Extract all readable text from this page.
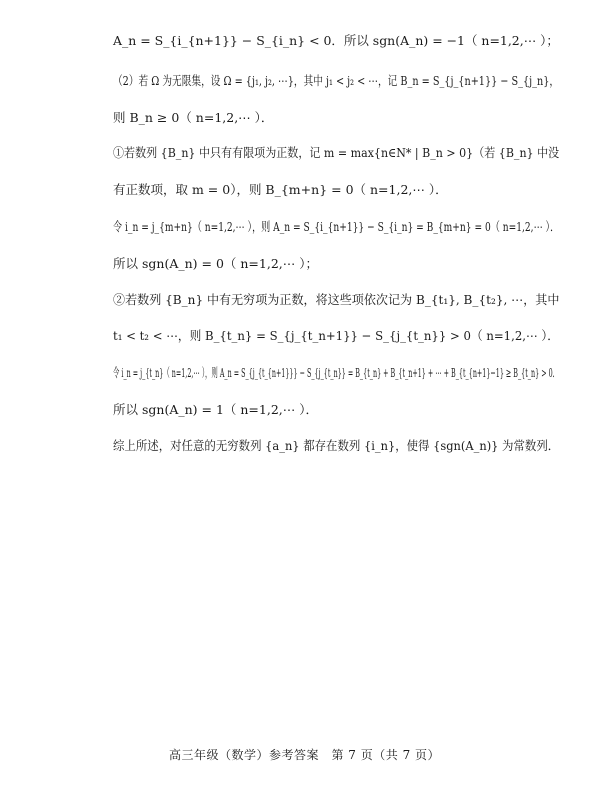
A_n = S_{i_{n+1}} − S_{i_n} < 0．所以 sgn(A_n) = −1（ n=1,2,⋯ ）；
（2）若 Ω 为无限集，设 Ω = {j₁, j₂, ⋯}，其中 j₁ < j₂ < ⋯，记 B_n = S_{j_{n+1}} − S_{j_n}，
则 B_n ≥ 0（ n=1,2,⋯ ）．
①若数列 {B_n} 中只有有限项为正数，记 m = max{n∈N* | B_n > 0}（若 {B_n} 中没
有正数项，取 m = 0），则 B_{m+n} = 0（ n=1,2,⋯ ）．
令 i_n = j_{m+n}（ n=1,2,⋯ ），则 A_n = S_{i_{n+1}} − S_{i_n} = B_{m+n} = 0（ n=1,2,⋯ ）．
所以 sgn(A_n) = 0（ n=1,2,⋯ ）；
②若数列 {B_n} 中有无穷项为正数，将这些项依次记为 B_{t₁}, B_{t₂}, ⋯，其中
t₁ < t₂ < ⋯，则 B_{t_n} = S_{j_{t_n+1}} − S_{j_{t_n}} > 0（ n=1,2,⋯ ）．
令 i_n = j_{t_n}（ n=1,2,⋯ ），则 A_n = S_{j_{t_{n+1}}} − S_{j_{t_n}} = B_{t_n} + B_{t_n+1} + ⋯ + B_{t_{n+1}−1} ≥ B_{t_n} > 0．
所以 sgn(A_n) = 1（ n=1,2,⋯ ）．
综上所述，对任意的无穷数列 {a_n} 都存在数列 {i_n}，使得 {sgn(A_n)} 为常数列．
高三年级（数学）参考答案　第 7 页（共 7 页）
